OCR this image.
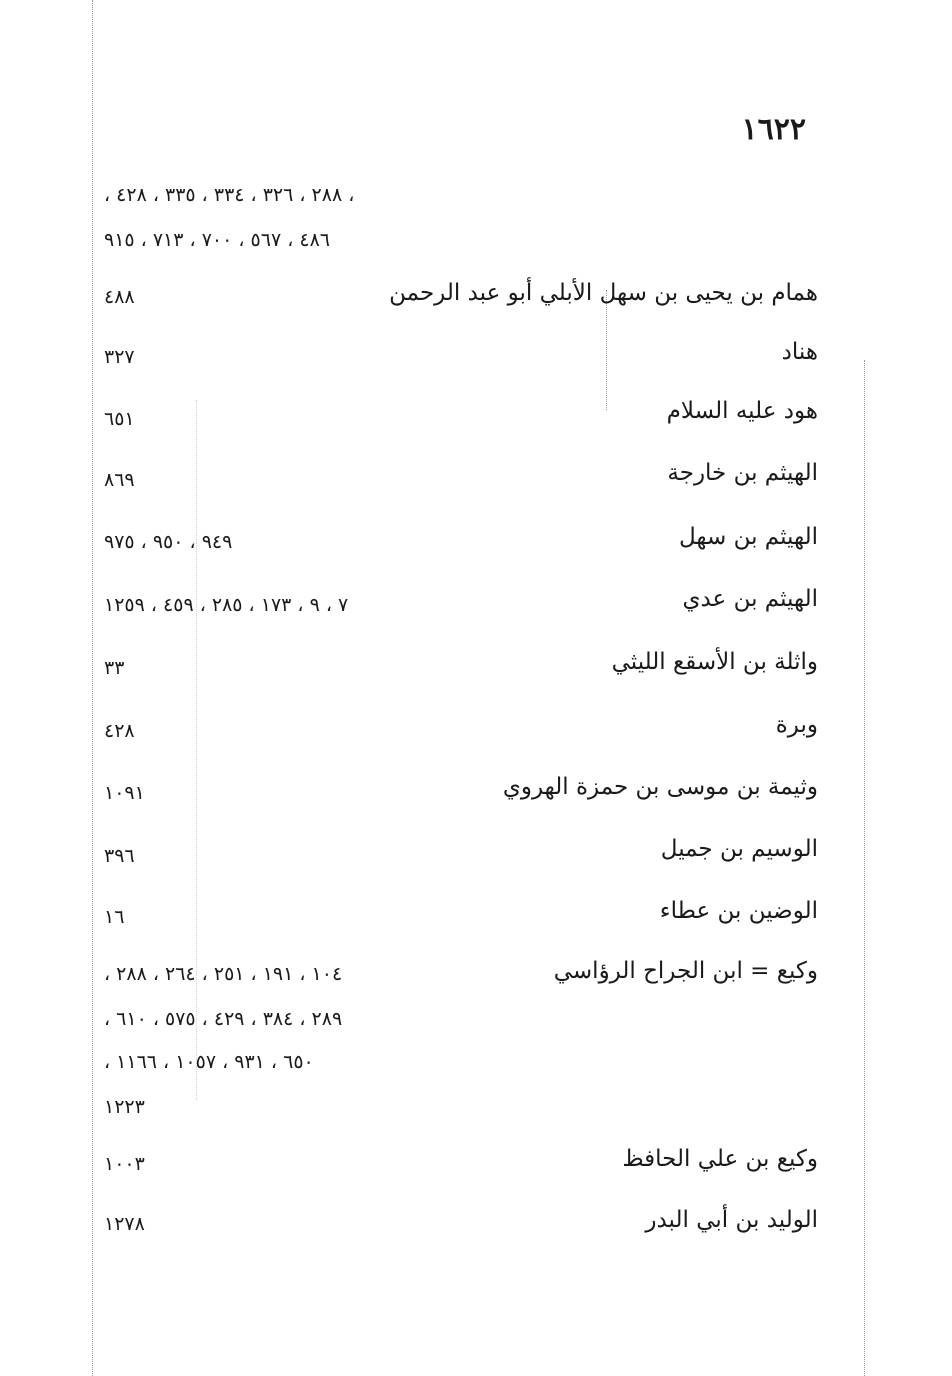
١٦٢٢
، ٢٨٨ ، ٣٢٦ ، ٣٣٤ ، ٣٣٥ ، ٤٢٨ ،
٤٨٦ ، ٥٦٧ ، ٧٠٠ ، ٧١٣ ، ٩١٥
همام بن يحيى بن سهل الأبلي أبو عبد الرحمن
٤٨٨
هناد
٣٢٧
هود عليه السلام
٦٥١
الهيثم بن خارجة
٨٦٩
الهيثم بن سهل
٩٤٩ ، ٩٥٠ ، ٩٧٥
الهيثم بن عدي
٧ ، ٩ ، ١٧٣ ، ٢٨٥ ، ٤٥٩ ، ١٢٥٩
واثلة بن الأسقع الليثي
٣٣
وبرة
٤٢٨
وثيمة بن موسى بن حمزة الهروي
١٠٩١
الوسيم بن جميل
٣٩٦
الوضين بن عطاء
١٦
وكيع = ابن الجراح الرؤاسي
١٠٤ ، ١٩١ ، ٢٥١ ، ٢٦٤ ، ٢٨٨ ،
٢٨٩ ، ٣٨٤ ، ٤٢٩ ، ٥٧٥ ، ٦١٠ ،
٦٥٠ ، ٩٣١ ، ١٠٥٧ ، ١١٦٦ ،
١٢٢٣
وكيع بن علي الحافظ
١٠٠٣
الوليد بن أبي البدر
١٢٧٨
